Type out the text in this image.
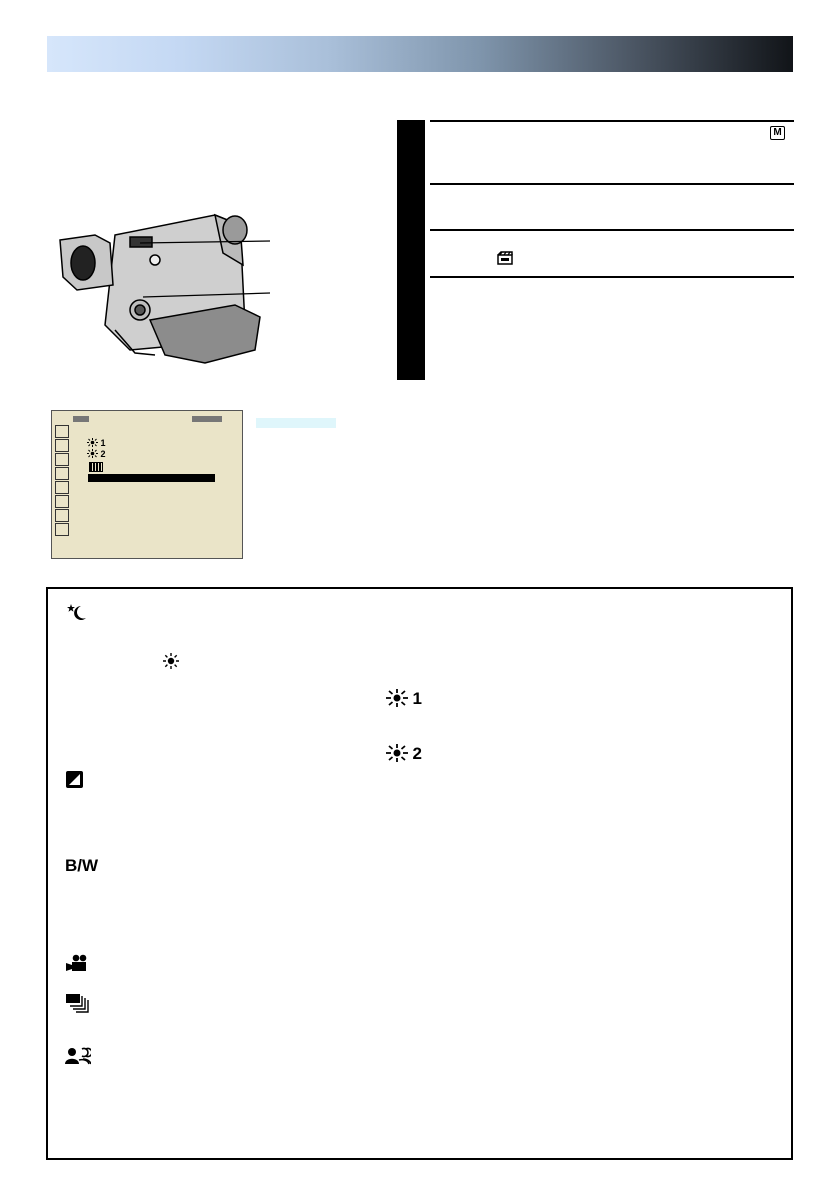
M
1
2
1
2
B/W
